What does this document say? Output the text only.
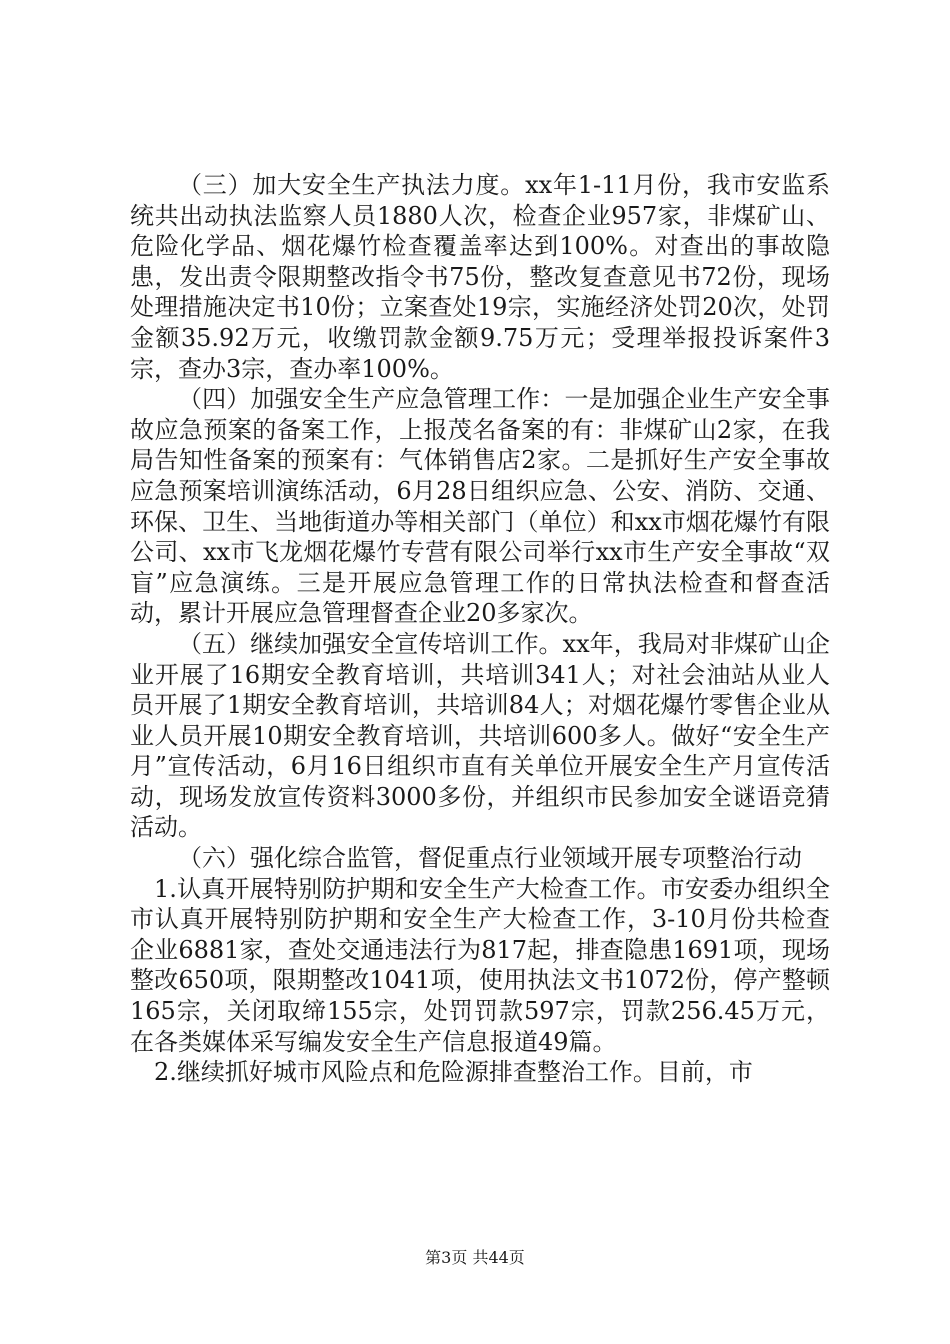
（三）加大安全生产执法力度。xx年1-11月份，我市安监系统共出动执法监察人员1880人次，检查企业957家，非煤矿山、危险化学品、烟花爆竹检查覆盖率达到100%。对查出的事故隐患，发出责令限期整改指令书75份，整改复查意见书72份，现场处理措施决定书10份；立案查处19宗，实施经济处罚20次，处罚金额35.92万元，收缴罚款金额9.75万元；受理举报投诉案件3宗，查办3宗，查办率100%。

（四）加强安全生产应急管理工作：一是加强企业生产安全事故应急预案的备案工作，上报茂名备案的有：非煤矿山2家，在我局告知性备案的预案有：气体销售店2家。二是抓好生产安全事故应急预案培训演练活动，6月28日组织应急、公安、消防、交通、环保、卫生、当地街道办等相关部门（单位）和xx市烟花爆竹有限公司、xx市飞龙烟花爆竹专营有限公司举行xx市生产安全事故“双盲”应急演练。三是开展应急管理工作的日常执法检查和督查活动，累计开展应急管理督查企业20多家次。

（五）继续加强安全宣传培训工作。xx年，我局对非煤矿山企业开展了16期安全教育培训，共培训341人；对社会油站从业人员开展了1期安全教育培训，共培训84人；对烟花爆竹零售企业从业人员开展10期安全教育培训，共培训600多人。做好“安全生产月”宣传活动，6月16日组织市直有关单位开展安全生产月宣传活动，现场发放宣传资料3000多份，并组织市民参加安全谜语竞猜活动。

（六）强化综合监管，督促重点行业领域开展专项整治行动

1.认真开展特别防护期和安全生产大检查工作。市安委办组织全市认真开展特别防护期和安全生产大检查工作，3-10月份共检查企业6881家，查处交通违法行为817起，排查隐患1691项，现场整改650项，限期整改1041项，使用执法文书1072份，停产整顿165宗，关闭取缔155宗，处罚罚款597宗，罚款256.45万元，在各类媒体采写编发安全生产信息报道49篇。

2.继续抓好城市风险点和危险源排查整治工作。目前，市

第3页 共44页
